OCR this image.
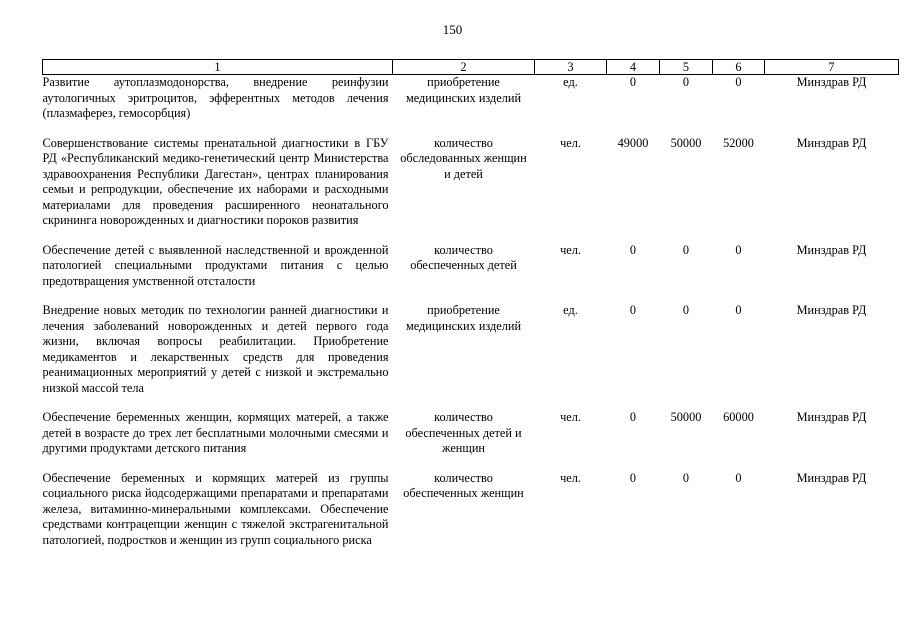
150
1	2	3	4	5	6	7
Развитие аутоплазмодонорства, внедрение реинфузии аутологичных эритроцитов, эфферентных методов лечения (плазмаферез, гемосорбция)	приобретение медицинских изделий	ед.	0	0	0	Минздрав РД

Совершенствование системы пренатальной диагностики в ГБУ РД «Республиканский медико-генетический центр Министерства здравоохранения Республики Дагестан», центрах планирования семьи и репродукции, обеспечение их наборами и расходными материалами для проведения расширенного неонатального скрининга новорожденных и диагностики пороков развития	количество обследованных женщин и детей	чел.	49000	50000	52000	Минздрав РД

Обеспечение детей с выявленной наследственной и врожденной патологией специальными продуктами питания с целью предотвращения умственной отсталости	количество обеспеченных детей	чел.	0	0	0	Минздрав РД

Внедрение новых методик по технологии ранней диагностики и лечения заболеваний новорожденных и детей первого года жизни, включая вопросы реабилитации. Приобретение медикаментов и лекарственных средств для проведения реанимационных мероприятий у детей с низкой и экстремально низкой массой тела	приобретение медицинских изделий	ед.	0	0	0	Минздрав РД

Обеспечение беременных женщин, кормящих матерей, а также детей в возрасте до трех лет бесплатными молочными смесями и другими продуктами детского питания	количество обеспеченных детей и женщин	чел.	0	50000	60000	Минздрав РД

Обеспечение беременных и кормящих матерей из группы социального риска йодсодержащими препаратами и препаратами железа, витаминно-минеральными комплексами. Обеспечение средствами контрацепции женщин с тяжелой экстрагенитальной патологией, подростков и женщин из групп социального риска	количество обеспеченных женщин	чел.	0	0	0	Минздрав РД
